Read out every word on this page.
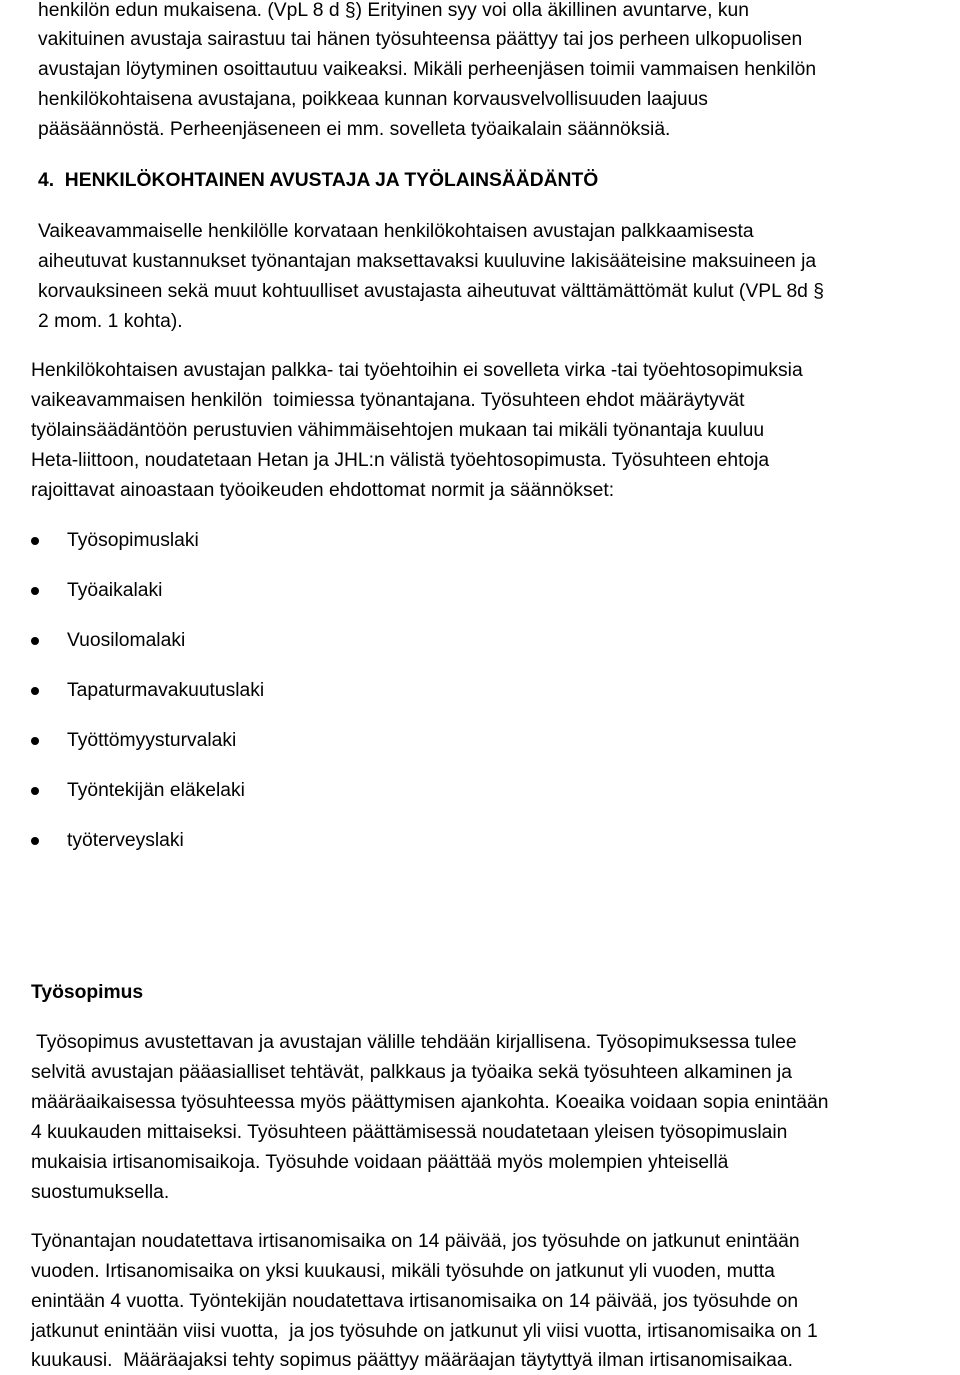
henkilön edun mukaisena. (VpL 8 d §) Erityinen syy voi olla äkillinen avuntarve, kun
vakituinen avustaja sairastuu tai hänen työsuhteensa päättyy tai jos perheen ulkopuolisen
avustajan löytyminen osoittautuu vaikeaksi. Mikäli perheenjäsen toimii vammaisen henkilön
henkilökohtaisena avustajana, poikkeaa kunnan korvausvelvollisuuden laajuus
pääsäännöstä. Perheenjäseneen ei mm. sovelleta työaikalain säännöksiä.
4.  HENKILÖKOHTAINEN AVUSTAJA JA TYÖLAINSÄÄDÄNTÖ
Vaikeavammaiselle henkilölle korvataan henkilökohtaisen avustajan palkkaamisesta
aiheutuvat kustannukset työnantajan maksettavaksi kuuluvine lakisääteisine maksuineen ja
korvauksineen sekä muut kohtuulliset avustajasta aiheutuvat välttämättömät kulut (VPL 8d §
2 mom. 1 kohta).
Henkilökohtaisen avustajan palkka- tai työehtoihin ei sovelleta virka -tai työehtosopimuksia
vaikeavammaisen henkilön  toimiessa työnantajana. Työsuhteen ehdot määräytyvät
työlainsäädäntöön perustuvien vähimmäisehtojen mukaan tai mikäli työnantaja kuuluu
Heta-liittoon, noudatetaan Hetan ja JHL:n välistä työehtosopimusta. Työsuhteen ehtoja
rajoittavat ainoastaan työoikeuden ehdottomat normit ja säännökset:
Työsopimuslaki
Työaikalaki
Vuosilomalaki
Tapaturmavakuutuslaki
Työttömyysturvalaki
Työntekijän eläkelaki
työterveyslaki
Työsopimus
Työsopimus avustettavan ja avustajan välille tehdään kirjallisena. Työsopimuksessa tulee
selvitä avustajan pääasialliset tehtävät, palkkaus ja työaika sekä työsuhteen alkaminen ja
määräaikaisessa työsuhteessa myös päättymisen ajankohta. Koeaika voidaan sopia enintään
4 kuukauden mittaiseksi. Työsuhteen päättämisessä noudatetaan yleisen työsopimuslain
mukaisia irtisanomisaikoja. Työsuhde voidaan päättää myös molempien yhteisellä
suostumuksella.
Työnantajan noudatettava irtisanomisaika on 14 päivää, jos työsuhde on jatkunut enintään
vuoden. Irtisanomisaika on yksi kuukausi, mikäli työsuhde on jatkunut yli vuoden, mutta
enintään 4 vuotta. Työntekijän noudatettava irtisanomisaika on 14 päivää, jos työsuhde on
jatkunut enintään viisi vuotta,  ja jos työsuhde on jatkunut yli viisi vuotta, irtisanomisaika on 1
kuukausi.  Määräajaksi tehty sopimus päättyy määräajan täytyttyä ilman irtisanomisaikaa.
